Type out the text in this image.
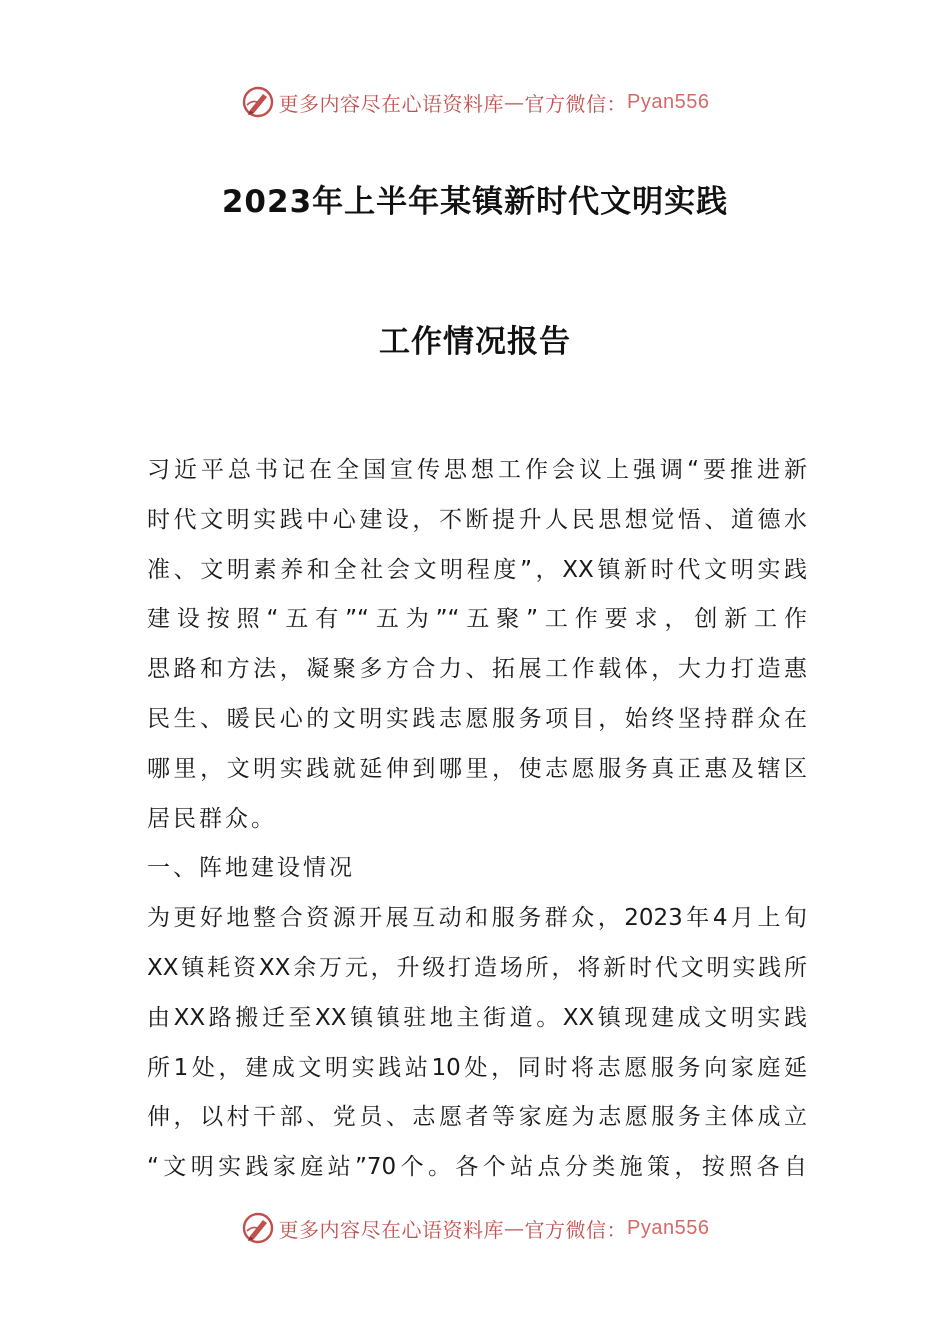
更多内容尽在心语资料库 — 官方微信： Pyan556
2023年上半年某镇新时代文明实践
工作情况报告
习近平总书记在全国宣传思想工作会议上强调“要推进新
时代文明实践中心建设，不断提升人民思想觉悟、道德水
准、文明素养和全社会文明程度”，XX镇新时代文明实践
建设按照“五有”“五为”“五聚”工作要求，创新工作
思路和方法，凝聚多方合力、拓展工作载体，大力打造惠
民生、暖民心的文明实践志愿服务项目，始终坚持群众在
哪里，文明实践就延伸到哪里，使志愿服务真正惠及辖区
居民群众。
一、阵地建设情况
为更好地整合资源开展互动和服务群众，2023年4月上旬
XX镇耗资XX余万元，升级打造场所，将新时代文明实践所
由XX路搬迁至XX镇镇驻地主街道。XX镇现建成文明实践
所1处，建成文明实践站10处，同时将志愿服务向家庭延
伸，以村干部、党员、志愿者等家庭为志愿服务主体成立
“文明实践家庭站”70个。各个站点分类施策，按照各自
更多内容尽在心语资料库 — 官方微信： Pyan556
